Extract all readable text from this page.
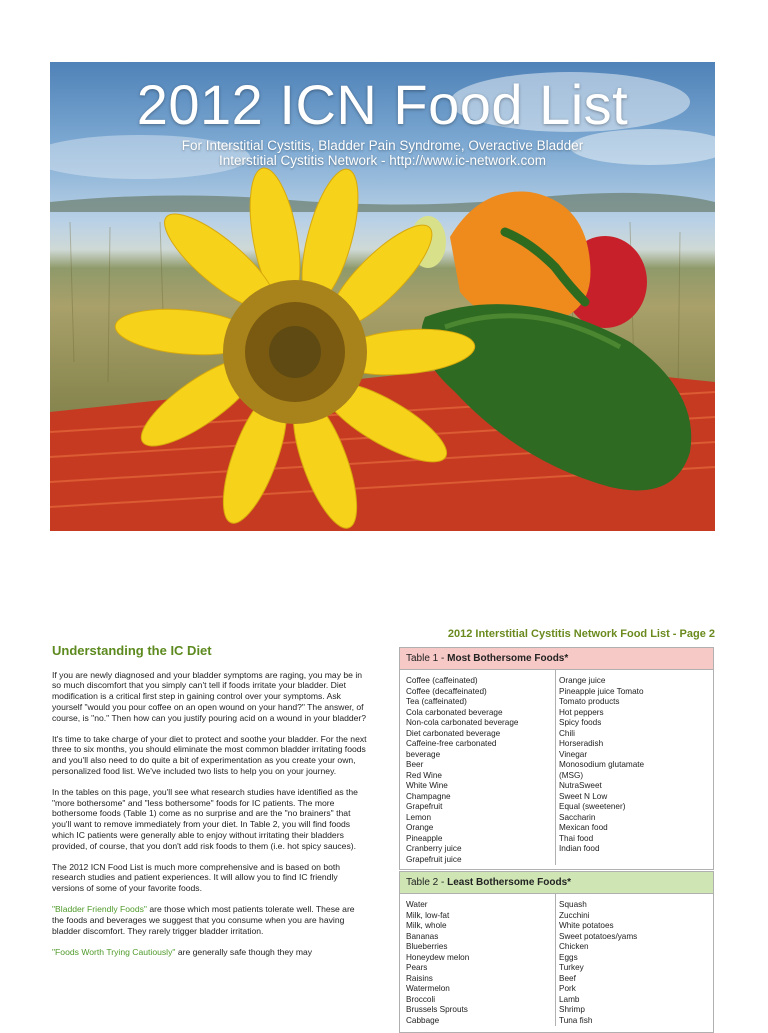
2012 ICN Food List
For Interstitial Cystitis, Bladder Pain Syndrome, Overactive Bladder
Interstitial Cystitis Network - http://www.ic-network.com
2012 Interstitial Cystitis Network Food List - Page 2
Understanding the IC Diet

If you are newly diagnosed and your bladder symptoms are raging, you may be in so much discomfort that you simply can't tell if foods irritate your bladder. Diet modification is a critical first step in gaining control over your symptoms. Ask yourself "would you pour coffee on an open wound on your hand?" The answer, of course, is "no." Then how can you justify pouring acid on a wound in your bladder?

It's time to take charge of your diet to protect and soothe your bladder. For the next three to six months, you should eliminate the most common bladder irritating foods and you'll also need to do quite a bit of experimentation as you create your own, personalized food list. We've included two lists to help you on your journey.

In the tables on this page, you'll see what research studies have identified as the "more bothersome" and "less bothersome" foods for IC patients. The more bothersome foods (Table 1) come as no surprise and are the "no brainers" that you'll want to remove immediately from your diet. In Table 2, you will find foods which IC patients were generally able to enjoy without irritating their bladders provided, of course, that you don't add risk foods to them (i.e. hot spicy sauces).

The 2012 ICN Food List is much more comprehensive and is based on both research studies and patient experiences. It will allow you to find IC friendly versions of some of your favorite foods.

"Bladder Friendly Foods" are those which most patients tolerate well. These are the foods and beverages we suggest that you consume when you are having bladder discomfort. They rarely trigger bladder irritation.

"Foods Worth Trying Cautiously" are generally safe though they may

Table 1 - Most Bothersome Foods*
Coffee (caffeinated)
Coffee (decaffeinated)
Tea (caffeinated)
Cola carbonated beverage
Non-cola carbonated beverage
Diet carbonated beverage
Caffeine-free carbonated
beverage
Beer
Red Wine
White Wine
Champagne
Grapefruit
Lemon
Orange
Pineapple
Cranberry juice
Grapefruit juice
Orange juice
Pineapple juice Tomato
Tomato products
Hot peppers
Spicy foods
Chili
Horseradish
Vinegar
Monosodium glutamate
(MSG)
NutraSweet
Sweet N Low
Equal (sweetener)
Saccharin
Mexican food
Thai food
Indian food
Table 2 - Least Bothersome Foods*
Water
Milk, low-fat
Milk, whole
Bananas
Blueberries
Honeydew melon
Pears
Raisins
Watermelon
Broccoli
Brussels Sprouts
Cabbage
Squash
Zucchini
White potatoes
Sweet potatoes/yams
Chicken
Eggs
Turkey
Beef
Pork
Lamb
Shrimp
Tuna fish
